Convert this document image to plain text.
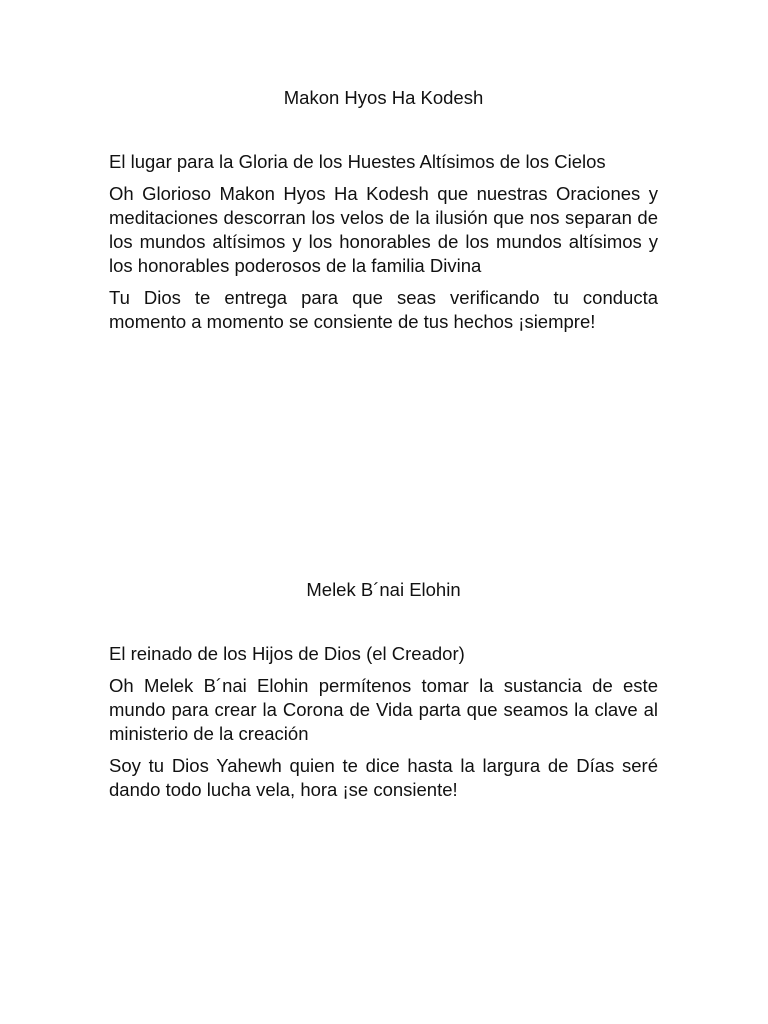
Makon Hyos Ha Kodesh

El lugar para la Gloria de los Huestes Altísimos de los Cielos

Oh Glorioso Makon Hyos Ha Kodesh que nuestras Oraciones y meditaciones descorran los velos de la ilusión que nos separan de los mundos altísimos y los honorables de los mundos altísimos y los honorables poderosos de la familia Divina

Tu Dios te entrega para que seas verificando tu conducta momento a momento se consiente de tus hechos ¡siempre!

Melek B´nai Elohin

El reinado de los Hijos de Dios (el Creador)

Oh Melek B´nai Elohin permítenos tomar la sustancia de este mundo para crear la Corona de Vida parta que seamos la clave al ministerio de la creación

Soy tu Dios Yahewh quien te dice hasta la largura de Días seré dando todo lucha vela, hora ¡se consiente!
